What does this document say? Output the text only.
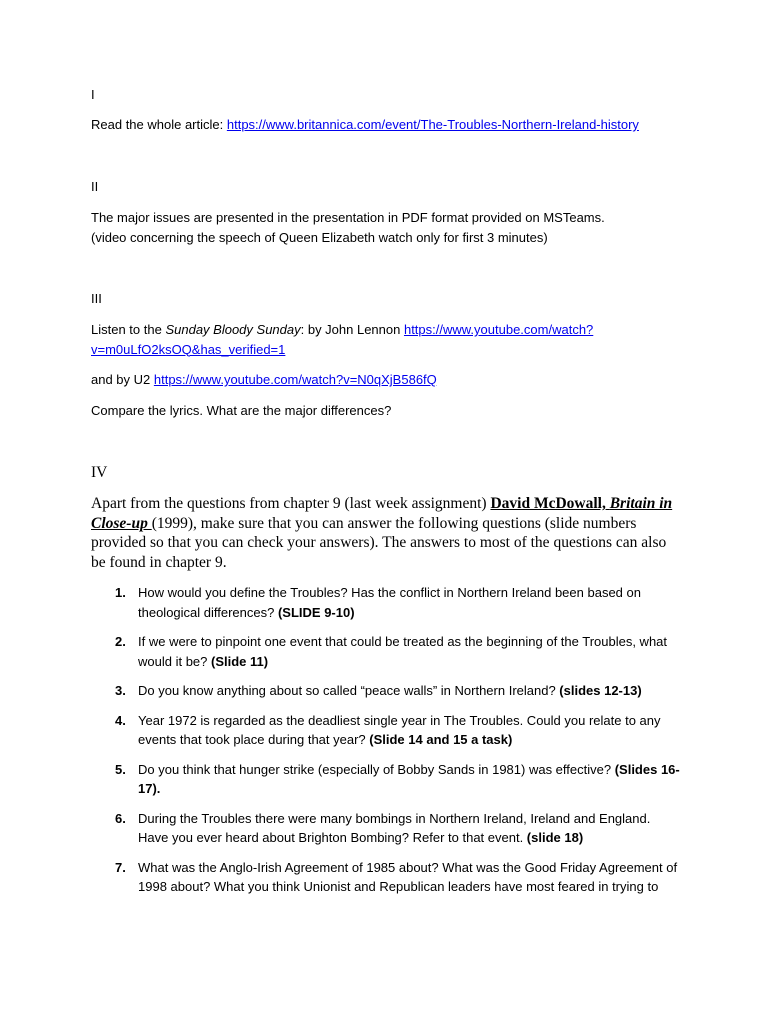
I
Read the whole article: https://www.britannica.com/event/The-Troubles-Northern-Ireland-history
II
The major issues are presented in the presentation in PDF format provided on MSTeams.
(video concerning the speech of Queen Elizabeth watch only for first 3 minutes)
III
Listen to the Sunday Bloody Sunday: by John Lennon https://www.youtube.com/watch?v=m0uLfO2ksOQ&has_verified=1
and by U2 https://www.youtube.com/watch?v=N0qXjB586fQ
Compare the lyrics. What are the major differences?
IV
Apart from the questions from chapter 9 (last week assignment) David McDowall, Britain in Close-up (1999), make sure that you can answer the following questions (slide numbers provided so that you can check your answers). The answers to most of the questions can also be found in chapter 9.
1. How would you define the Troubles? Has the conflict in Northern Ireland been based on theological differences? (SLIDE 9-10)
2. If we were to pinpoint one event that could be treated as the beginning of the Troubles, what would it be? (Slide 11)
3. Do you know anything about so called “peace walls” in Northern Ireland? (slides 12-13)
4. Year 1972 is regarded as the deadliest single year in The Troubles. Could you relate to any events that took place during that year? (Slide 14 and 15 a task)
5. Do you think that hunger strike (especially of Bobby Sands in 1981) was effective? (Slides 16-17).
6. During the Troubles there were many bombings in Northern Ireland, Ireland and England. Have you ever heard about Brighton Bombing? Refer to that event. (slide 18)
7. What was the Anglo-Irish Agreement of 1985 about? What was the Good Friday Agreement of 1998 about? What you think Unionist and Republican leaders have most feared in trying to
